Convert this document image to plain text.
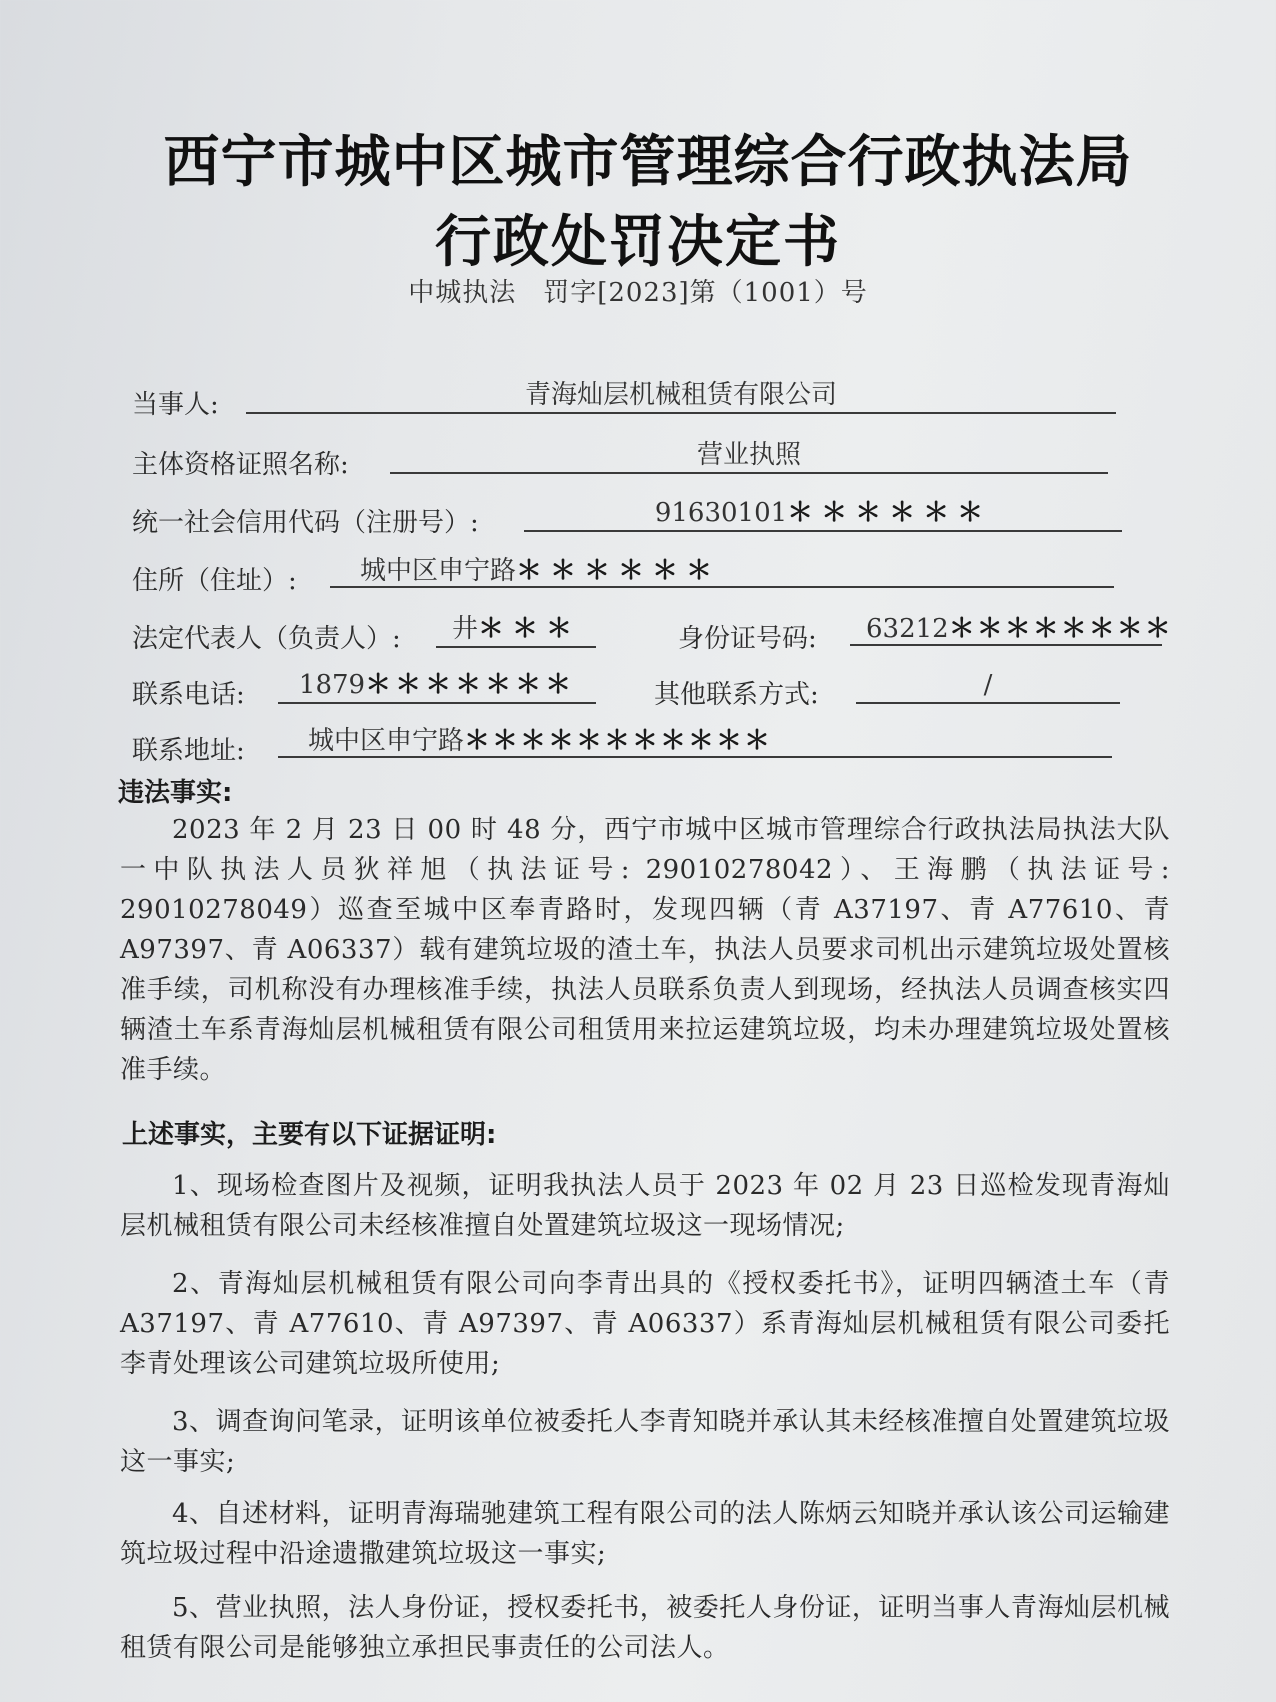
西宁市城中区城市管理综合行政执法局
行政处罚决定书
中城执法　罚字[2023]第（1001）号
当事人:	青海灿层机械租赁有限公司
主体资格证照名称:	营业执照
统一社会信用代码（注册号）:	91630101＊＊＊＊＊＊
住所（住址）:	城中区申宁路＊＊＊＊＊＊
法定代表人（负责人）:	井＊＊＊	身份证号码:	63212＊＊＊＊＊＊＊＊
联系电话:	1879＊＊＊＊＊＊＊	其他联系方式:	/
联系地址:	城中区申宁路＊＊＊＊＊＊＊＊＊＊＊
违法事实:
2023 年 2 月 23 日 00 时 48 分，西宁市城中区城市管理综合行政执法局执法大队一中队执法人员狄祥旭（执法证号: 29010278042）、王海鹏（执法证号: 29010278049）巡查至城中区奉青路时，发现四辆（青 A37197、青 A77610、青 A97397、青 A06337）载有建筑垃圾的渣土车，执法人员要求司机出示建筑垃圾处置核准手续，司机称没有办理核准手续，执法人员联系负责人到现场，经执法人员调查核实四辆渣土车系青海灿层机械租赁有限公司租赁用来拉运建筑垃圾，均未办理建筑垃圾处置核准手续。
上述事实，主要有以下证据证明:
1、现场检查图片及视频，证明我执法人员于 2023 年 02 月 23 日巡检发现青海灿层机械租赁有限公司未经核准擅自处置建筑垃圾这一现场情况;
2、青海灿层机械租赁有限公司向李青出具的《授权委托书》，证明四辆渣土车（青 A37197、青 A77610、青 A97397、青 A06337）系青海灿层机械租赁有限公司委托李青处理该公司建筑垃圾所使用;
3、调查询问笔录，证明该单位被委托人李青知晓并承认其未经核准擅自处置建筑垃圾这一事实;
4、自述材料，证明青海瑞驰建筑工程有限公司的法人陈炳云知晓并承认该公司运输建筑垃圾过程中沿途遗撒建筑垃圾这一事实;
5、营业执照，法人身份证，授权委托书，被委托人身份证，证明当事人青海灿层机械租赁有限公司是能够独立承担民事责任的公司法人。
